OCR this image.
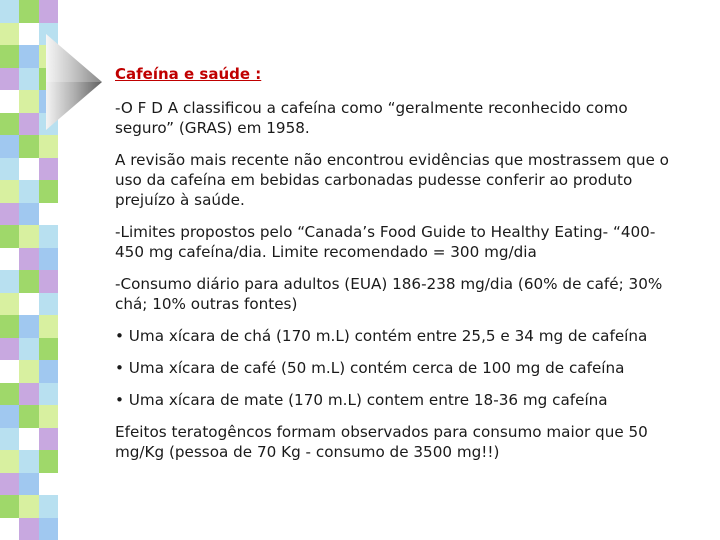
Cafeína e saúde :
-O F D A classificou a cafeína como “geralmente reconhecido como seguro” (GRAS) em 1958.
A revisão mais recente não encontrou evidências que mostrassem que o uso da cafeína em bebidas carbonadas pudesse conferir ao produto prejuízo à saúde.
-Limites propostos pelo “Canada’s Food Guide to Healthy Eating- “400-450 mg cafeína/dia. Limite recomendado = 300 mg/dia
-Consumo diário para adultos (EUA) 186-238 mg/dia (60% de café; 30% chá; 10% outras fontes)
• Uma xícara de chá (170 m.L) contém entre 25,5 e 34 mg de cafeína
• Uma xícara de café (50 m.L) contém cerca de 100 mg de cafeína
• Uma xícara de mate (170 m.L) contem entre 18-36 mg cafeína
Efeitos teratogêncos formam observados para consumo maior que 50 mg/Kg (pessoa de 70 Kg - consumo de 3500 mg!!)
